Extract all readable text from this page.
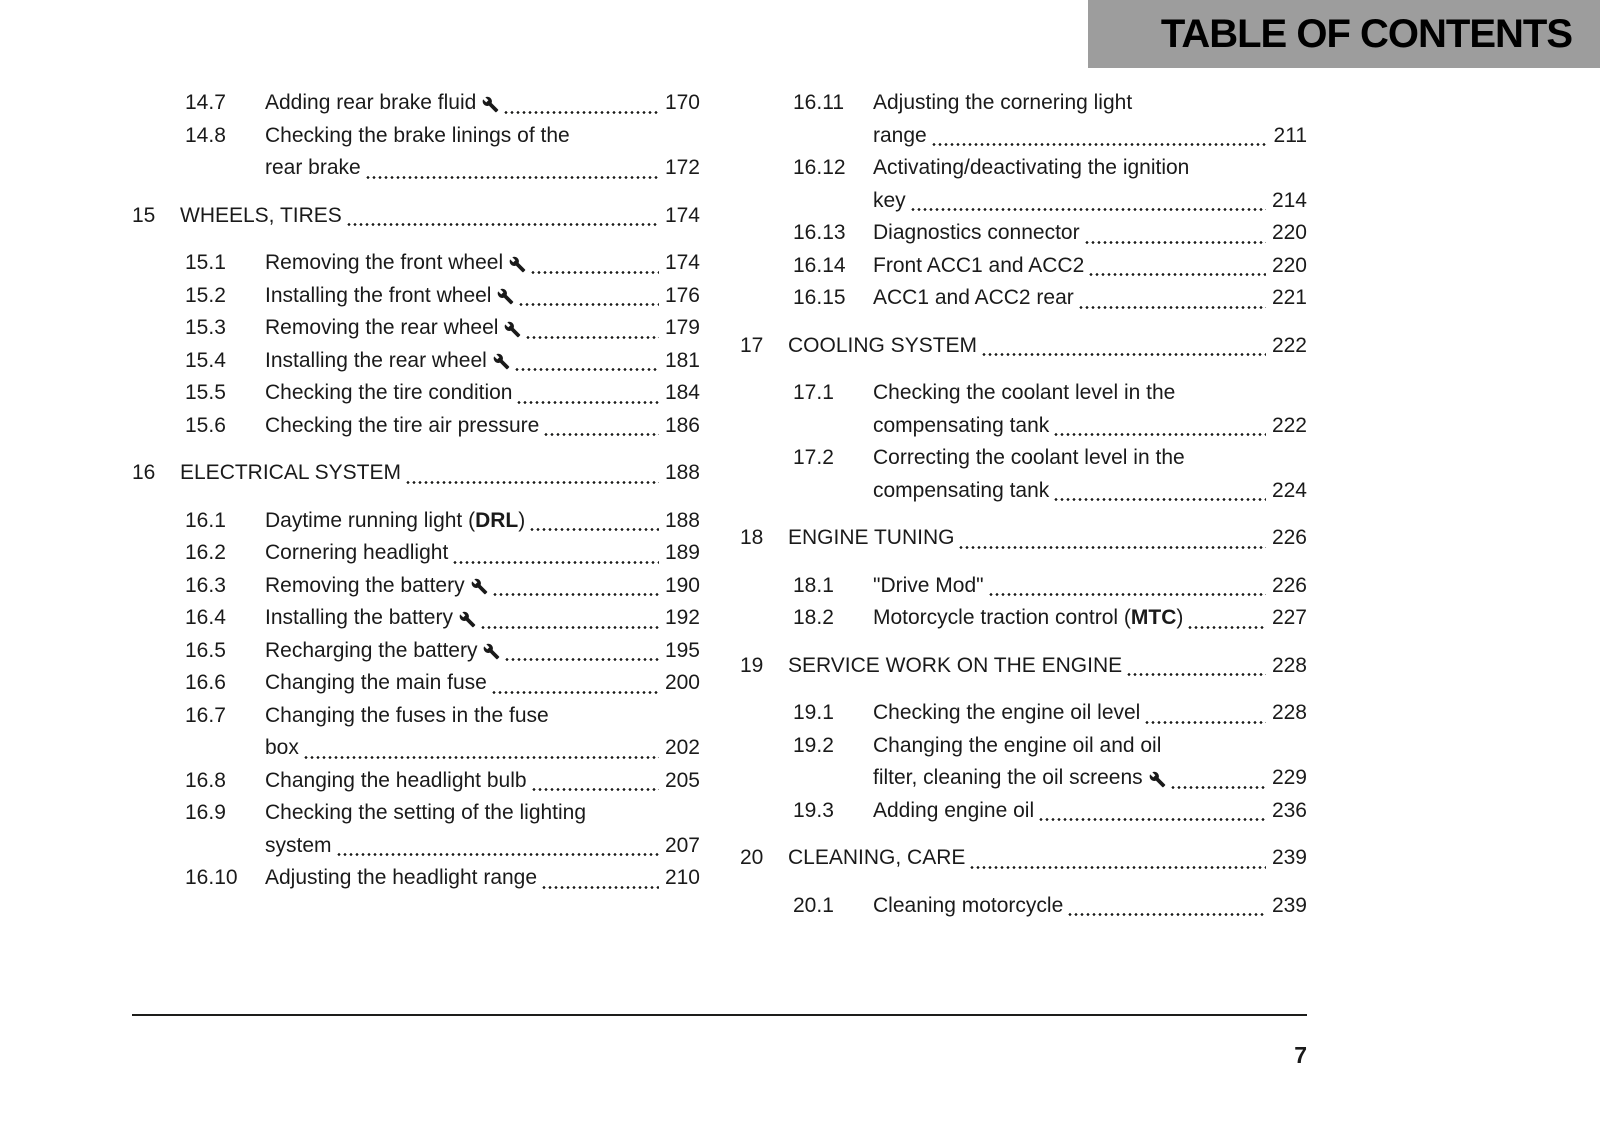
TABLE OF CONTENTS
14.7	Adding rear brake fluid	170
14.8	Checking the brake linings of the
rear brake	172
15	WHEELS, TIRES	174
15.1	Removing the front wheel	174
15.2	Installing the front wheel	176
15.3	Removing the rear wheel	179
15.4	Installing the rear wheel	181
15.5	Checking the tire condition	184
15.6	Checking the tire air pressure	186
16	ELECTRICAL SYSTEM	188
16.1	Daytime running light (DRL)	188
16.2	Cornering headlight	189
16.3	Removing the battery	190
16.4	Installing the battery	192
16.5	Recharging the battery	195
16.6	Changing the main fuse	200
16.7	Changing the fuses in the fuse
box	202
16.8	Changing the headlight bulb	205
16.9	Checking the setting of the lighting
system	207
16.10	Adjusting the headlight range	210
16.11	Adjusting the cornering light
range	211
16.12	Activating/deactivating the ignition
key	214
16.13	Diagnostics connector	220
16.14	Front ACC1 and ACC2	220
16.15	ACC1 and ACC2 rear	221
17	COOLING SYSTEM	222
17.1	Checking the coolant level in the
compensating tank	222
17.2	Correcting the coolant level in the
compensating tank	224
18	ENGINE TUNING	226
18.1	"Drive Mod"	226
18.2	Motorcycle traction control (MTC)	227
19	SERVICE WORK ON THE ENGINE	228
19.1	Checking the engine oil level	228
19.2	Changing the engine oil and oil
filter, cleaning the oil screens	229
19.3	Adding engine oil	236
20	CLEANING, CARE	239
20.1	Cleaning motorcycle	239
7
